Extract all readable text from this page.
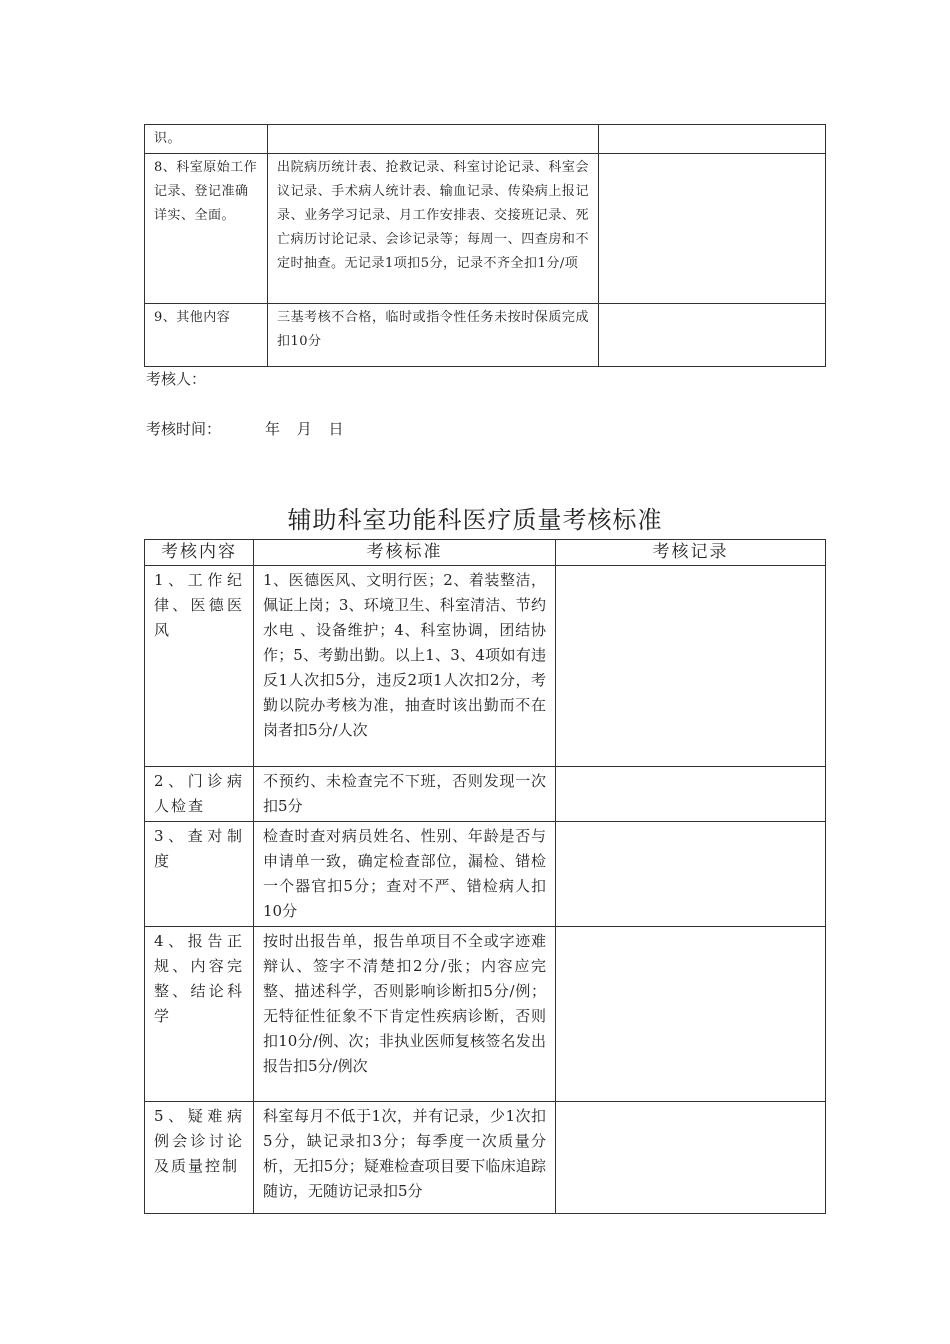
识。		
8、科室原始工作记录、登记准确详实、全面。	出院病历统计表、抢救记录、科室讨论记录、科室会议记录、手术病人统计表、输血记录、传染病上报记录、业务学习记录、月工作安排表、交接班记录、死亡病历讨论记录、会诊记录等；每周一、四查房和不定时抽查。无记录1项扣5分，记录不齐全扣1分/项	
9、其他内容	三基考核不合格，临时或指令性任务未按时保质完成扣10分	
考核人：
考核时间：	年 月 日
辅助科室功能科医疗质量考核标准
考核内容	考核标准	考核记录
1、工作纪律、医德医风	1、医德医风、文明行医；2、着装整洁，佩证上岗；3、环境卫生、科室清洁、节约水电 、设备维护；4、科室协调，团结协作；5、考勤出勤。以上1、3、4项如有违反1人次扣5分，违反2项1人次扣2分，考勤以院办考核为准，抽查时该出勤而不在岗者扣5分/人次	
2、门诊病人检查	不预约、未检查完不下班，否则发现一次扣5分	
3、查对制度	检查时查对病员姓名、性别、年龄是否与申请单一致，确定检查部位，漏检、错检一个器官扣5分；查对不严、错检病人扣10分	
4、报告正规、内容完整、结论科学	按时出报告单，报告单项目不全或字迹难辩认、签字不清楚扣2分/张；内容应完整、描述科学，否则影响诊断扣5分/例；无特征性征象不下肯定性疾病诊断，否则扣10分/例、次；非执业医师复核签名发出报告扣5分/例次	
5、疑难病例会诊讨论及质量控制	科室每月不低于1次，并有记录，少1次扣5分，缺记录扣3分；每季度一次质量分析，无扣5分；疑难检查项目要下临床追踪随访，无随访记录扣5分	
